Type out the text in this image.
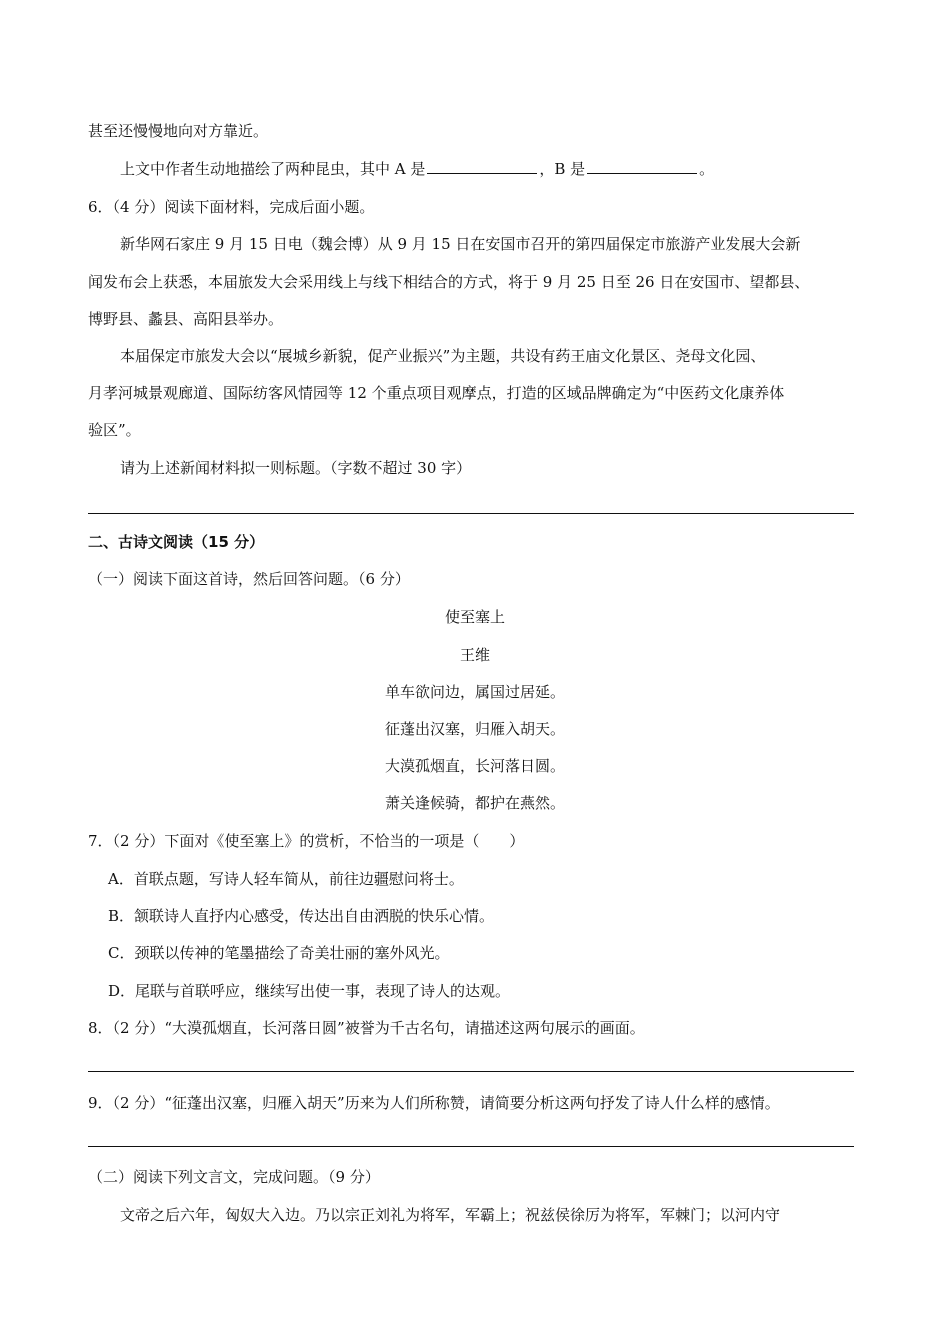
甚至还慢慢地向对方靠近。
上文中作者生动地描绘了两种昆虫，其中 A 是	，B 是	。
6．（4 分）阅读下面材料，完成后面小题。
新华网石家庄 9 月 15 日电（魏会博）从 9 月 15 日在安国市召开的第四届保定市旅游产业发展大会新
闻发布会上获悉，本届旅发大会采用线上与线下相结合的方式，将于 9 月 25 日至 26 日在安国市、望都县、
博野县、蠡县、高阳县举办。
本届保定市旅发大会以“展城乡新貌，促产业振兴”为主题，共设有药王庙文化景区、尧母文化园、
月孝河城景观廊道、国际纺客风情园等 12 个重点项目观摩点，打造的区域品牌确定为“中医药文化康养体
验区”。
请为上述新闻材料拟一则标题。（字数不超过 30 字）
二、古诗文阅读（15 分）
（一）阅读下面这首诗，然后回答问题。（6 分）
使至塞上
王维
单车欲问边，属国过居延。
征蓬出汉塞，归雁入胡天。
大漠孤烟直，长河落日圆。
萧关逢候骑，都护在燕然。
7．（2 分）下面对《使至塞上》的赏析，不恰当的一项是（　　）
A．首联点题，写诗人轻车简从，前往边疆慰问将士。
B．颔联诗人直抒内心感受，传达出自由洒脱的快乐心情。
C．颈联以传神的笔墨描绘了奇美壮丽的塞外风光。
D．尾联与首联呼应，继续写出使一事，表现了诗人的达观。
8．（2 分）“大漠孤烟直，长河落日圆”被誉为千古名句，请描述这两句展示的画面。
9．（2 分）“征蓬出汉塞，归雁入胡天”历来为人们所称赞，请简要分析这两句抒发了诗人什么样的感情。
（二）阅读下列文言文，完成问题。（9 分）
文帝之后六年，匈奴大入边。乃以宗正刘礼为将军，军霸上；祝兹侯徐厉为将军，军棘门；以河内守
